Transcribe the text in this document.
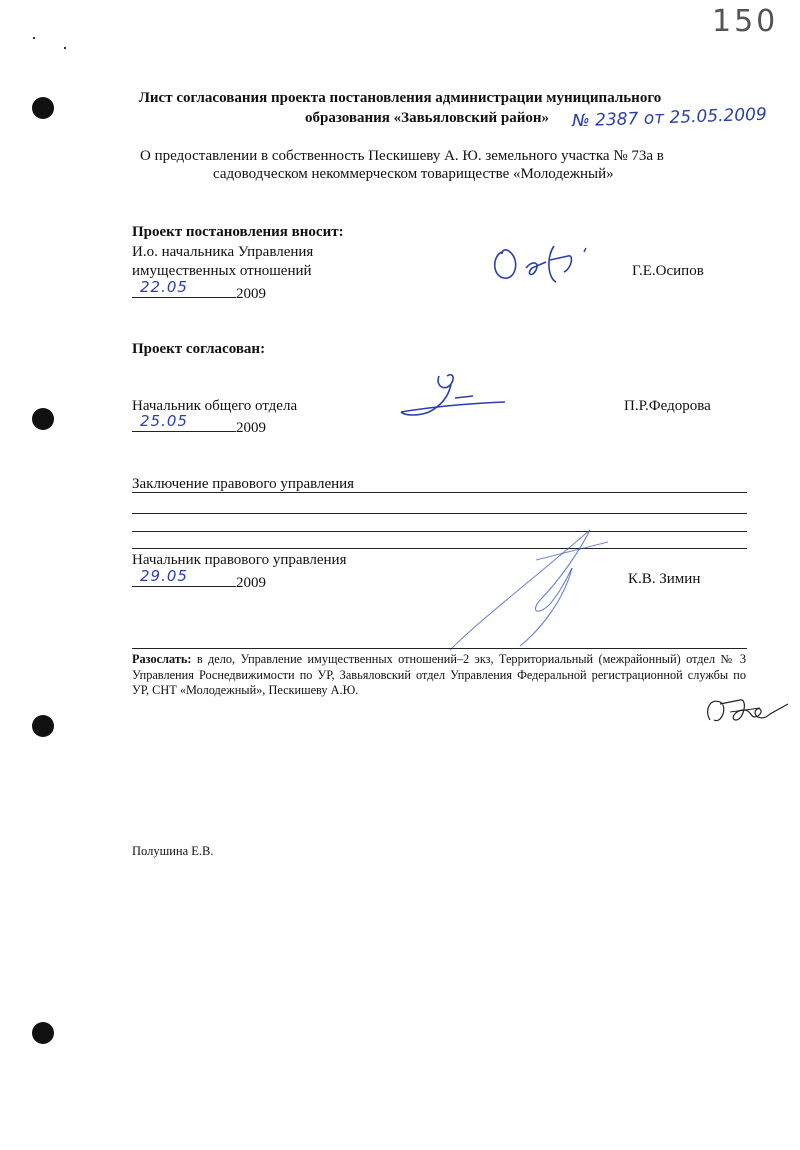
150
Лист согласования проекта постановления администрации муниципального
образования «Завьяловский район» № 2387 от 25.05.2009
О предоставлении в собственность Пескишеву А. Ю. земельного участка № 73а в
садоводческом некоммерческом товариществе «Молодежный»
Проект постановления вносит:
И.о. начальника Управления
имущественных отношений	Г.Е.Осипов
22.05	2009
Проект согласован:
Начальник общего отдела	П.Р.Федорова
25.05	2009
Заключение правового управления
Начальник правового управления
29.05	2009	К.В. Зимин
Разослать: в дело, Управление имущественных отношений–2 экз, Территориальный (межрайонный) отдел № 3 Управления Роснедвижимости по УР, Завьяловский отдел Управления Федеральной регистрационной службы по УР, СНТ «Молодежный», Пескишеву А.Ю.
Полушина Е.В.
